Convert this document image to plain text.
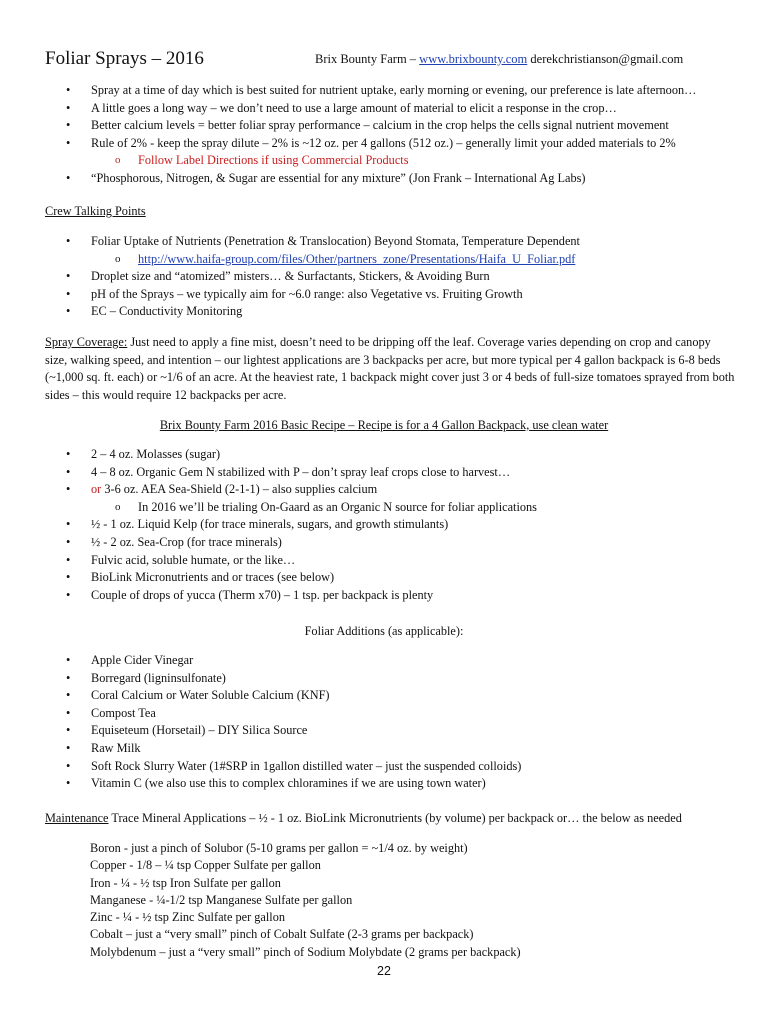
Foliar Sprays – 2016	Brix Bounty Farm – www.brixbounty.com derekchristianson@gmail.com
• Spray at a time of day which is best suited for nutrient uptake, early morning or evening, our preference is late afternoon…
• A little goes a long way – we don’t need to use a large amount of material to elicit a response in the crop…
• Better calcium levels = better foliar spray performance – calcium in the crop helps the cells signal nutrient movement
• Rule of 2% - keep the spray dilute – 2% is ~12 oz. per 4 gallons (512 oz.) – generally limit your added materials to 2%
o Follow Label Directions if using Commercial Products
• “Phosphorous, Nitrogen, & Sugar are essential for any mixture” (Jon Frank – International Ag Labs)
Crew Talking Points
• Foliar Uptake of Nutrients (Penetration & Translocation) Beyond Stomata, Temperature Dependent
o http://www.haifa-group.com/files/Other/partners_zone/Presentations/Haifa_U_Foliar.pdf
• Droplet size and “atomized” misters… & Surfactants, Stickers, & Avoiding Burn
• pH of the Sprays – we typically aim for ~6.0 range: also Vegetative vs. Fruiting Growth
• EC – Conductivity Monitoring
Spray Coverage: Just need to apply a fine mist, doesn’t need to be dripping off the leaf. Coverage varies depending on crop and canopy size, walking speed, and intention – our lightest applications are 3 backpacks per acre, but more typical per 4 gallon backpack is 6-8 beds (~1,000 sq. ft. each) or ~1/6 of an acre. At the heaviest rate, 1 backpack might cover just 3 or 4 beds of full-size tomatoes sprayed from both sides – this would require 12 backpacks per acre.
Brix Bounty Farm 2016 Basic Recipe – Recipe is for a 4 Gallon Backpack, use clean water
• 2 – 4 oz. Molasses (sugar)
• 4 – 8 oz. Organic Gem N stabilized with P – don’t spray leaf crops close to harvest…
• or 3-6 oz. AEA Sea-Shield (2-1-1) – also supplies calcium
o In 2016 we’ll be trialing On-Gaard as an Organic N source for foliar applications
• ½ - 1 oz. Liquid Kelp (for trace minerals, sugars, and growth stimulants)
• ½ - 2 oz. Sea-Crop (for trace minerals)
• Fulvic acid, soluble humate, or the like…
• BioLink Micronutrients and or traces (see below)
• Couple of drops of yucca (Therm x70) – 1 tsp. per backpack is plenty
Foliar Additions (as applicable):
• Apple Cider Vinegar
• Borregard (ligninsulfonate)
• Coral Calcium or Water Soluble Calcium (KNF)
• Compost Tea
• Equiseteum (Horsetail) – DIY Silica Source
• Raw Milk
• Soft Rock Slurry Water (1#SRP in 1gallon distilled water – just the suspended colloids)
• Vitamin C (we also use this to complex chloramines if we are using town water)
Maintenance Trace Mineral Applications – ½ - 1 oz. BioLink Micronutrients (by volume) per backpack or… the below as needed
Boron - just a pinch of Solubor (5-10 grams per gallon = ~1/4 oz. by weight)
Copper - 1/8 – ¼ tsp Copper Sulfate per gallon
Iron - ¼ - ½ tsp Iron Sulfate per gallon
Manganese - ¼-1/2 tsp Manganese Sulfate per gallon
Zinc - ¼ - ½ tsp Zinc Sulfate per gallon
Cobalt – just a “very small” pinch of Cobalt Sulfate (2-3 grams per backpack)
Molybdenum – just a “very small” pinch of Sodium Molybdate (2 grams per backpack)
22
